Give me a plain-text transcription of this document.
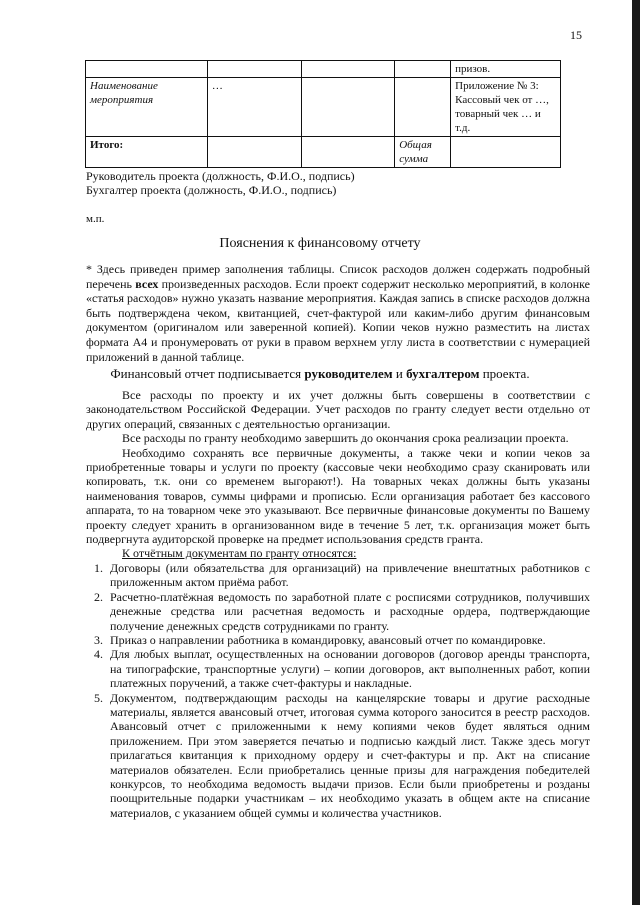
15
				призов.
Наименование мероприятия	…			Приложение № 3: Кассовый чек от …, товарный чек … и т.д.
Итого:			Общая сумма	
Руководитель проекта (должность, Ф.И.О., подпись)
Бухгалтер проекта (должность, Ф.И.О., подпись)
м.п.
Пояснения к финансовому отчету
* Здесь приведен пример заполнения таблицы. Список расходов должен содержать подробный перечень всех произведенных расходов. Если проект содержит несколько мероприятий, в колонке «статья расходов» нужно указать название мероприятия. Каждая запись в списке расходов должна быть подтверждена чеком, квитанцией, счет-фактурой или каким-либо другим финансовым документом (оригиналом или заверенной копией). Копии чеков нужно разместить на листах формата А4 и пронумеровать от руки в правом верхнем углу листа в соответствии с нумерацией приложений в данной таблице.
Финансовый отчет подписывается руководителем и бухгалтером проекта.

Все расходы по проекту и их учет должны быть совершены в соответствии с законодательством Российской Федерации. Учет расходов по гранту следует вести отдельно от других операций, связанных с деятельностью организации.

Все расходы по гранту необходимо завершить до окончания срока реализации проекта.

Необходимо сохранять все первичные документы, а также чеки и копии чеков за приобретенные товары и услуги по проекту (кассовые чеки необходимо сразу сканировать или копировать, т.к. они со временем выгорают!). На товарных чеках должны быть указаны наименования товаров, суммы цифрами и прописью. Если организация работает без кассового аппарата, то на товарном чеке это указывают. Все первичные финансовые документы по Вашему проекту следует хранить в организованном виде в течение 5 лет, т.к. организация может быть подвергнута аудиторской проверке на предмет использования средств гранта.

К отчётным документам по гранту относятся:

1. Договоры (или обязательства для организаций) на привлечение внештатных работников с приложенным актом приёма работ.
2. Расчетно-платёжная ведомость по заработной плате с росписями сотрудников, получивших денежные средства или расчетная ведомость и расходные ордера, подтверждающие получение денежных средств сотрудниками по гранту.
3. Приказ о направлении работника в командировку, авансовый отчет по командировке.
4. Для любых выплат, осуществленных на основании договоров (договор аренды транспорта, на типографские, транспортные услуги) – копии договоров, акт выполненных работ, копии платежных поручений, а также счет-фактуры и накладные.
5. Документом, подтверждающим расходы на канцелярские товары и другие расходные материалы, является авансовый отчет, итоговая сумма которого заносится в реестр расходов. Авансовый отчет с приложенными к нему копиями чеков будет являться одним приложением. При этом заверяется печатью и подписью каждый лист. Также здесь могут прилагаться квитанция к приходному ордеру и счет-фактуры и пр. Акт на списание материалов обязателен. Если приобретались ценные призы для награждения победителей конкурсов, то необходима ведомость выдачи призов. Если были приобретены и розданы поощрительные подарки участникам – их необходимо указать в общем акте на списание материалов, с указанием общей суммы и количества участников.
